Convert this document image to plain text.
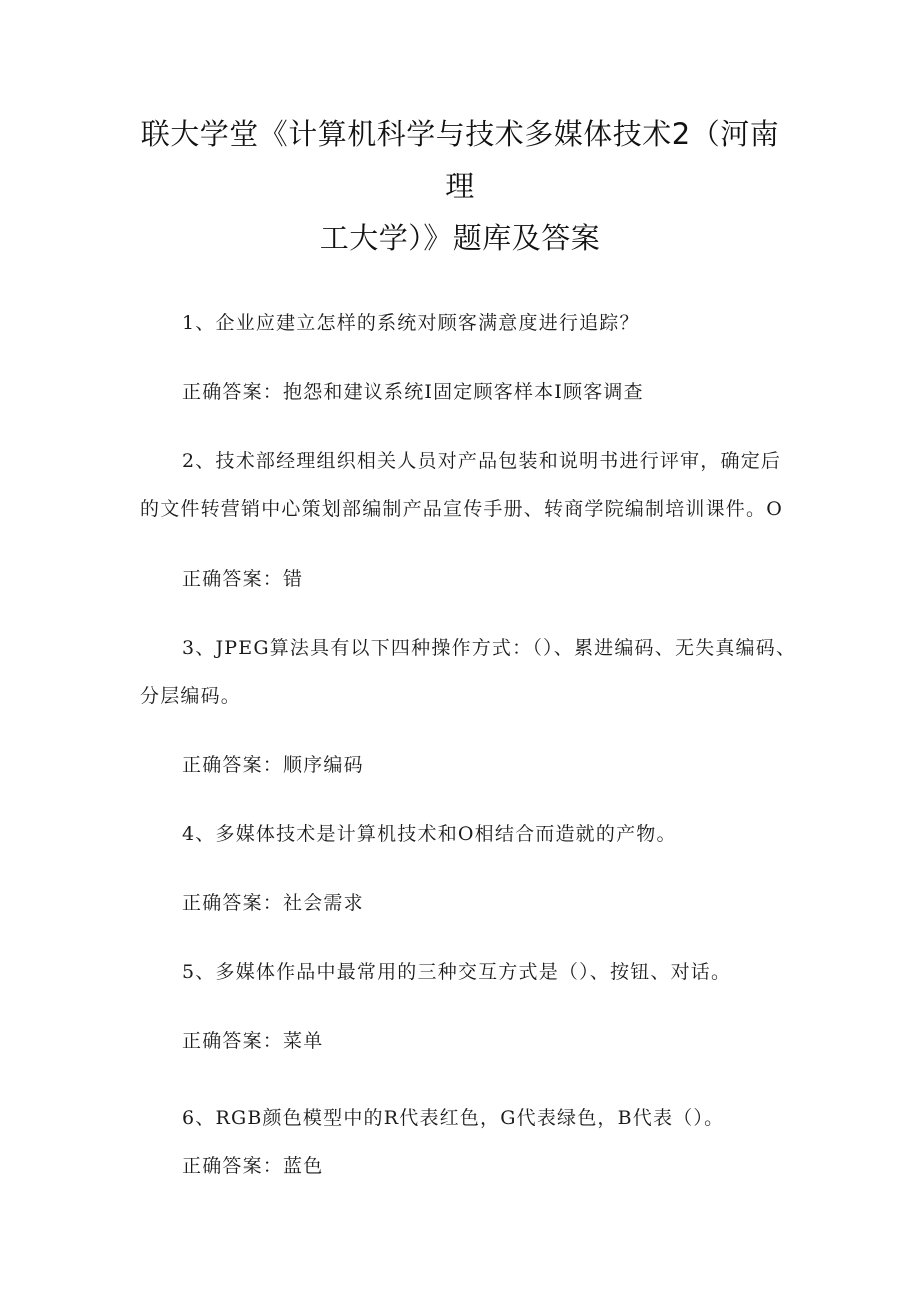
联大学堂《计算机科学与技术多媒体技术2（河南理
工大学）》题库及答案
1、企业应建立怎样的系统对顾客满意度进行追踪？
正确答案：抱怨和建议系统I固定顾客样本I顾客调查
2、技术部经理组织相关人员对产品包装和说明书进行评审，确定后
的文件转营销中心策划部编制产品宣传手册、转商学院编制培训课件。O
正确答案：错
3、JPEG算法具有以下四种操作方式：（）、累进编码、无失真编码、
分层编码。
正确答案：顺序编码
4、多媒体技术是计算机技术和O相结合而造就的产物。
正确答案：社会需求
5、多媒体作品中最常用的三种交互方式是（）、按钮、对话。
正确答案：菜单
6、RGB颜色模型中的R代表红色，G代表绿色，B代表（）。
正确答案：蓝色
